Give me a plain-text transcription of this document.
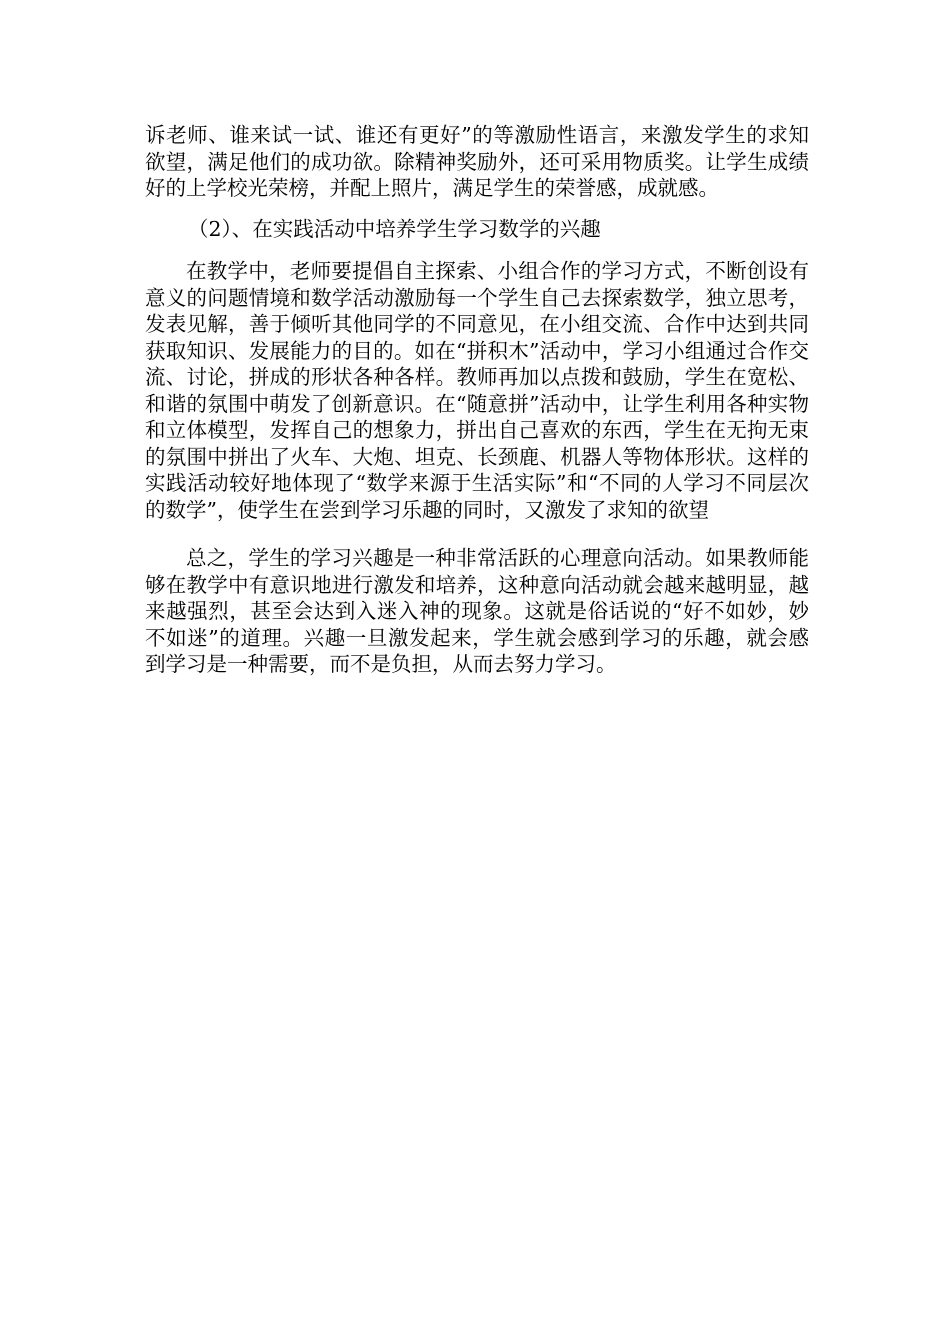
诉老师、谁来试一试、谁还有更好”的等激励性语言，来激发学生的求知欲望，满足他们的成功欲。除精神奖励外，还可采用物质奖。让学生成绩好的上学校光荣榜，并配上照片，满足学生的荣誉感，成就感。

（2）、在实践活动中培养学生学习数学的兴趣

在教学中，老师要提倡自主探索、小组合作的学习方式，不断创设有意义的问题情境和数学活动激励每一个学生自己去探索数学，独立思考，发表见解，善于倾听其他同学的不同意见，在小组交流、合作中达到共同获取知识、发展能力的目的。如在“拼积木”活动中，学习小组通过合作交流、讨论，拼成的形状各种各样。教师再加以点拨和鼓励，学生在宽松、和谐的氛围中萌发了创新意识。在“随意拼”活动中，让学生利用各种实物和立体模型，发挥自己的想象力，拼出自己喜欢的东西，学生在无拘无束的氛围中拼出了火车、大炮、坦克、长颈鹿、机器人等物体形状。这样的实践活动较好地体现了“数学来源于生活实际”和“不同的人学习不同层次的数学”，使学生在尝到学习乐趣的同时，又激发了求知的欲望

总之，学生的学习兴趣是一种非常活跃的心理意向活动。如果教师能够在教学中有意识地进行激发和培养，这种意向活动就会越来越明显，越来越强烈，甚至会达到入迷入神的现象。这就是俗话说的“好不如妙，妙不如迷”的道理。兴趣一旦激发起来，学生就会感到学习的乐趣，就会感到学习是一种需要，而不是负担，从而去努力学习。
